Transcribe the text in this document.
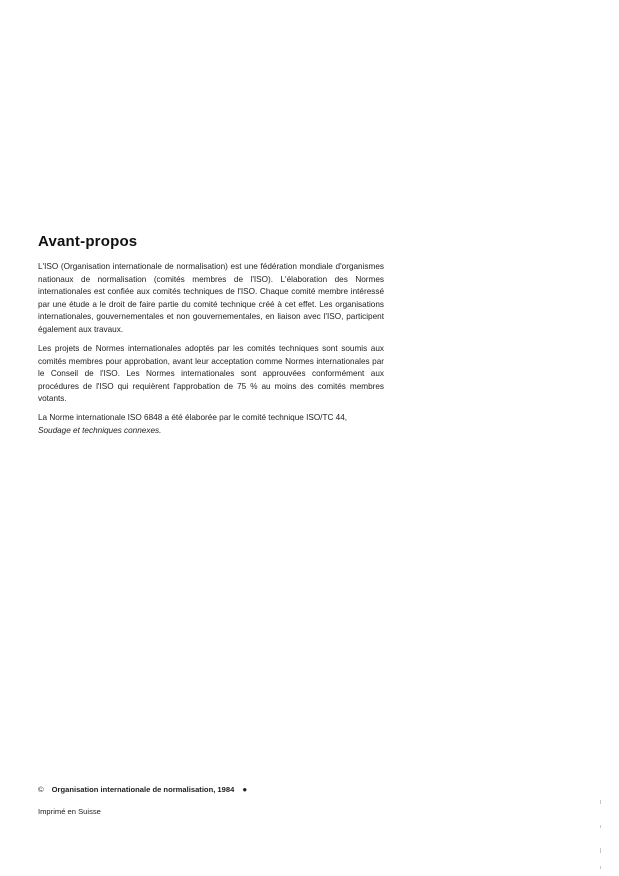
Avant-propos

L'ISO (Organisation internationale de normalisation) est une fédération mondiale d'organismes nationaux de normalisation (comités membres de l'ISO). L'élaboration des Normes internationales est confiée aux comités techniques de l'ISO. Chaque comité membre intéressé par une étude a le droit de faire partie du comité technique créé à cet effet. Les organisations internationales, gouvernementales et non gouvernementales, en liaison avec l'ISO, participent également aux travaux.

Les projets de Normes internationales adoptés par les comités techniques sont soumis aux comités membres pour approbation, avant leur acceptation comme Normes internationales par le Conseil de l'ISO. Les Normes internationales sont approuvées conformément aux procédures de l'ISO qui requièrent l'approbation de 75 % au moins des comités membres votants.

La Norme internationale ISO 6848 a été élaborée par le comité technique ISO/TC 44,
Soudage et techniques connexes.

© Organisation internationale de normalisation, 1984 ●
Imprimé en Suisse
